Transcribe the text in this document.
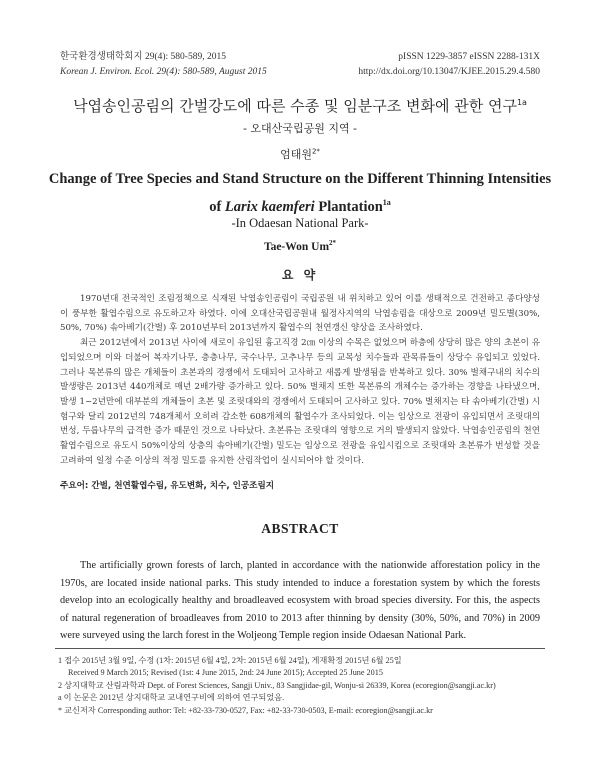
한국환경생태학회지 29(4): 580-589, 2015
Korean J. Environ. Ecol. 29(4): 580-589, August 2015
pISSN 1229-3857 eISSN 2288-131X
http://dx.doi.org/10.13047/KJEE.2015.29.4.580
낙엽송인공림의 간벌강도에 따른 수종 및 임분구조 변화에 관한 연구$^{1a}$
- 오대산국립공원 지역 -
엄태원$^{2*}$
Change of Tree Species and Stand Structure on the Different Thinning Intensities
of Larix kaemferi Plantation$^{1a}$
-In Odaesan National Park-
Tae-Won $Um^{2*}$
요 약

1970년대 전국적인 조림정책으로 식재된 낙엽송인공림이 국립공원 내 위치하고 있어 이를 생태적으로 건전하고 종다양성이 풍부한 활엽수림으로 유도하고자 하였다. 이에 오대산국립공원내 월정사지역의 낙엽송림을 대상으로 2009년 밀도별(30%, 50%, 70%) 솎아베기(간벌) 후 2010년부터 2013년까지 활엽수의 천연갱신 양상을 조사하였다.

최근 2012년에서 2013년 사이에 새로이 유입된 흉고직경 2㎝ 이상의 수목은 없었으며 하층에 상당히 많은 양의 초본이 유입되었으며 이와 더불어 복자기나무, 층층나무, 국수나무, 고추나무 등의 교목성 치수들과 관목류들이 상당수 유입되고 있었다. 그러나 목본류의 많은 개체들이 초본과의 경쟁에서 도태되어 고사하고 새롭게 발생됨을 반복하고 있다. 30% 벌채구내의 치수의 발생량은 2013년 440개체로 매년 2배가량 증가하고 있다. 50% 벌채지 또한 목본류의 개체수는 증가하는 경향을 나타냈으며, 발생 1~2년만에 대부분의 개체들이 초본 및 조릿대와의 경쟁에서 도태되어 고사하고 있다. 70% 벌채지는 타 솎아베기(간벌) 시험구와 달리 2012년의 748개체서 오히려 감소한 608개체의 활엽수가 조사되었다. 이는 임상으로 전광이 유입되면서 조릿대의 번성, 두릅나무의 급격한 증가 때문인 것으로 나타났다. 초본류는 조릿대의 영향으로 거의 발생되지 않았다. 낙엽송인공림의 천연활엽수림으로 유도시 50%이상의 상층의 솎아베기(간벌) 밀도는 임상으로 전광을 유입시킴으로 조릿대와 초본류가 번성할 것을 고려하여 일정 수준 이상의 적정 밀도를 유지한 산림작업이 실시되어야 할 것이다.

주요어: 간벌, 천연활엽수림, 유도변화, 치수, 인공조림지
ABSTRACT

The artificially grown forests of larch, planted in accordance with the nationwide afforestation policy in the 1970s, are located inside national parks. This study intended to induce a forestation system by which the forests develop into an ecologically healthy and broadleaved ecosystem with broad species diversity. For this, the aspects of natural regeneration of broadleaves from 2010 to 2013 after thinning by density (30%, 50%, and 70%) in 2009 were surveyed using the larch forest in the Woljeong Temple region inside Odaesan National Park.

1 접수 2015년 3월 9일, 수정 (1차: 2015년 6월 4일, 2차: 2015년 6월 24일), 게재확정 2015년 6월 25일
Received 9 March 2015; Revised (1st: 4 June 2015, 2nd: 24 June 2015); Accepted 25 June 2015
2 상지대학교 산림과학과 Dept. of Forest Sciences, Sangji Univ., 83 Sangjidae-gil, Wonju-si 26339, Korea (ecoregion@sangji.ac.kr)
a 이 논문은 2012년 상지대학교 교내연구비에 의하여 연구되었음.
* 교신저자 Corresponding author: Tel: +82-33-730-0527, Fax: +82-33-730-0503, E-mail: ecoregion@sangji.ac.kr
